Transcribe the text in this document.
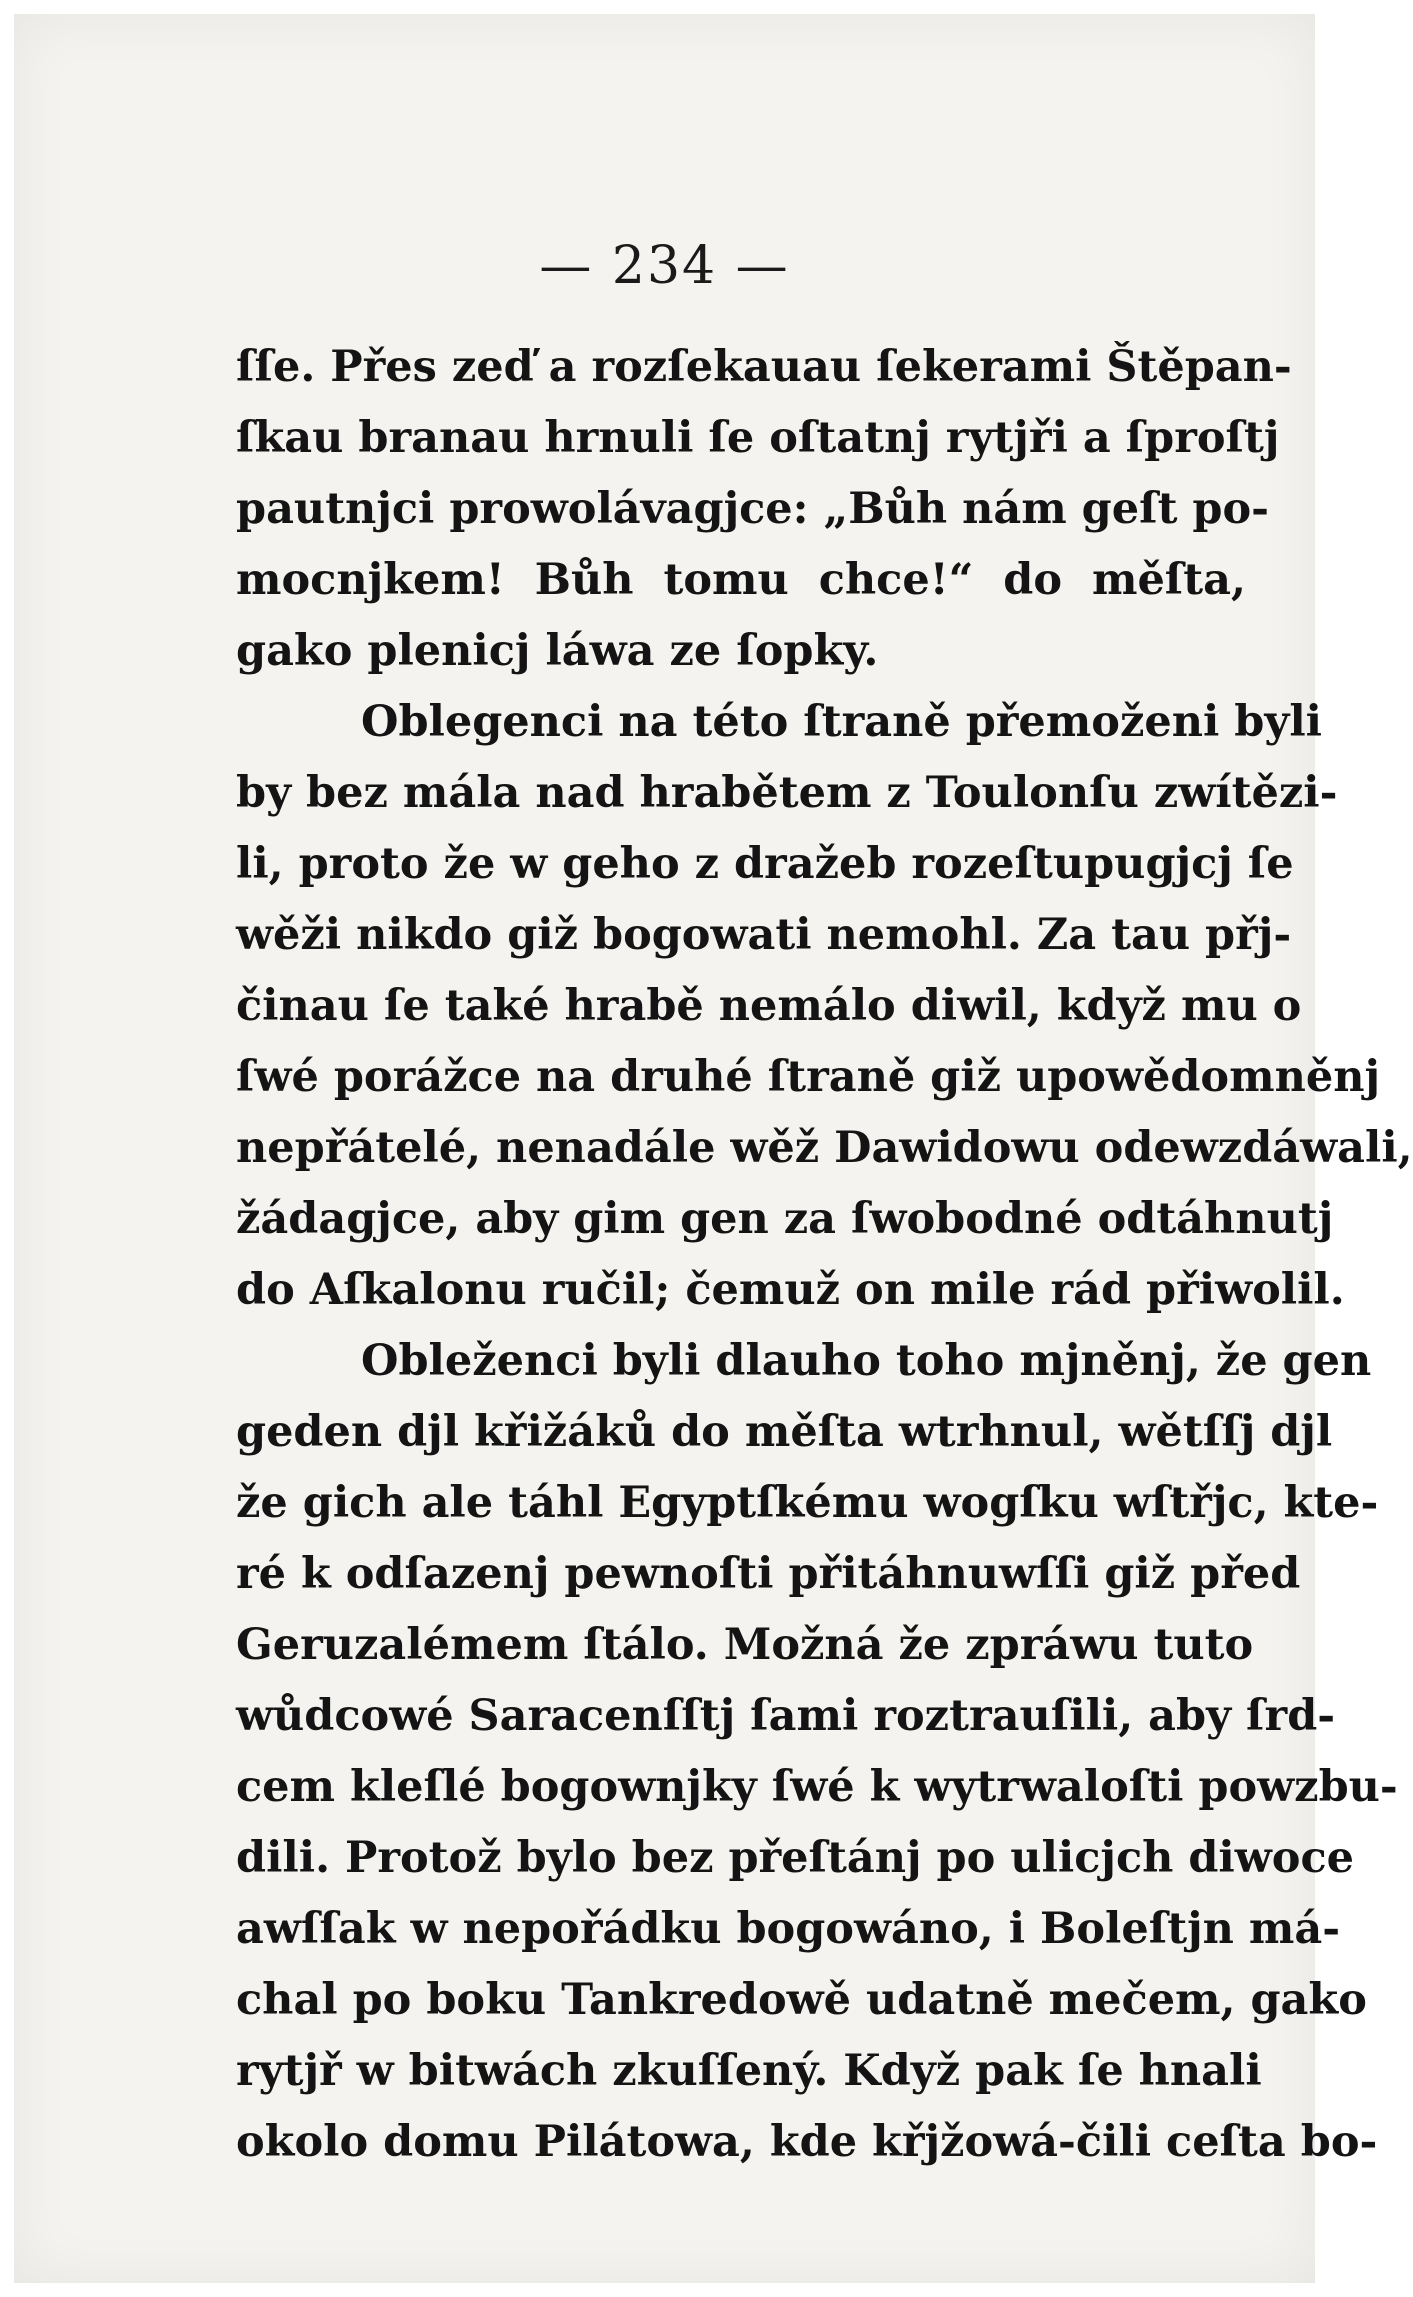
— 234 —
ſſe. Přes zeď a rozſekauau ſekerami Štěpan-
ſkau branau hrnuli ſe oſtatnj rytjři a ſproſtj
pautnjci prowolávagjce: „Bůh nám geſt po-
mocnjkem! Bůh tomu chce!“ do měſta,
gako plenicj láwa ze ſopky.
Oblegenci na této ſtraně přemoženi byli
by bez mála nad hrabětem z Toulonſu zwítězi-
li, proto že w geho z dražeb rozeſtupugjcj ſe
wěži nikdo giž bogowati nemohl. Za tau přj-
činau ſe také hrabě nemálo diwil, když mu o
ſwé porážce na druhé ſtraně giž upowědomněnj
nepřátelé, nenadále wěž Dawidowu odewzdáwali,
žádagjce, aby gim gen za ſwobodné odtáhnutj
do Aſkalonu ručil; čemuž on mile rád přiwolil.
Obleženci byli dlauho toho mjněnj, že gen
geden djl křižáků do měſta wtrhnul, wětſſj djl
že gich ale táhl Egyptſkému wogſku wſtřjc, kte-
ré k odſazenj pewnoſti přitáhnuwſſi giž před
Geruzalémem ſtálo. Možná že zpráwu tuto
wůdcowé Saracenſſtj ſami roztrauſili, aby ſrd-
cem kleſlé bogownjky ſwé k wytrwaloſti powzbu-
dili. Protož bylo bez přeſtánj po ulicjch diwoce
awſſak w nepořádku bogowáno, i Boleſtjn má-
chal po boku Tankredowě udatně mečem, gako
rytjř w bitwách zkuſſený. Když pak ſe hnali
okolo domu Pilátowa, kde křjžowá-čili ceſta bo-
